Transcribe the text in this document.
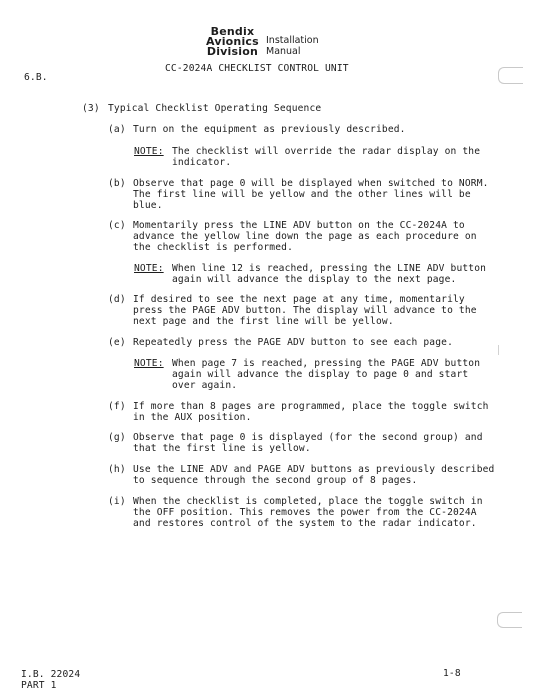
Bendix
Avionics
Division
Installation
Manual
CC-2024A CHECKLIST CONTROL UNIT
6.B.
(3) Typical Checklist Operating Sequence
(a) Turn on the equipment as previously described.
NOTE: The checklist will override the radar display on the
indicator.
(b) Observe that page 0 will be displayed when switched to NORM.
The first line will be yellow and the other lines will be
blue.
(c) Momentarily press the LINE ADV button on the CC-2024A to
advance the yellow line down the page as each procedure on
the checklist is performed.
NOTE: When line 12 is reached, pressing the LINE ADV button
again will advance the display to the next page.
(d) If desired to see the next page at any time, momentarily
press the PAGE ADV button. The display will advance to the
next page and the first line will be yellow.
(e) Repeatedly press the PAGE ADV button to see each page.
NOTE: When page 7 is reached, pressing the PAGE ADV button
again will advance the display to page 0 and start
over again.
(f) If more than 8 pages are programmed, place the toggle switch
in the AUX position.
(g) Observe that page 0 is displayed (for the second group) and
that the first line is yellow.
(h) Use the LINE ADV and PAGE ADV buttons as previously described
to sequence through the second group of 8 pages.
(i) When the checklist is completed, place the toggle switch in
the OFF position. This removes the power from the CC-2024A
and restores control of the system to the radar indicator.
I.B. 22024
PART 1
1-8
